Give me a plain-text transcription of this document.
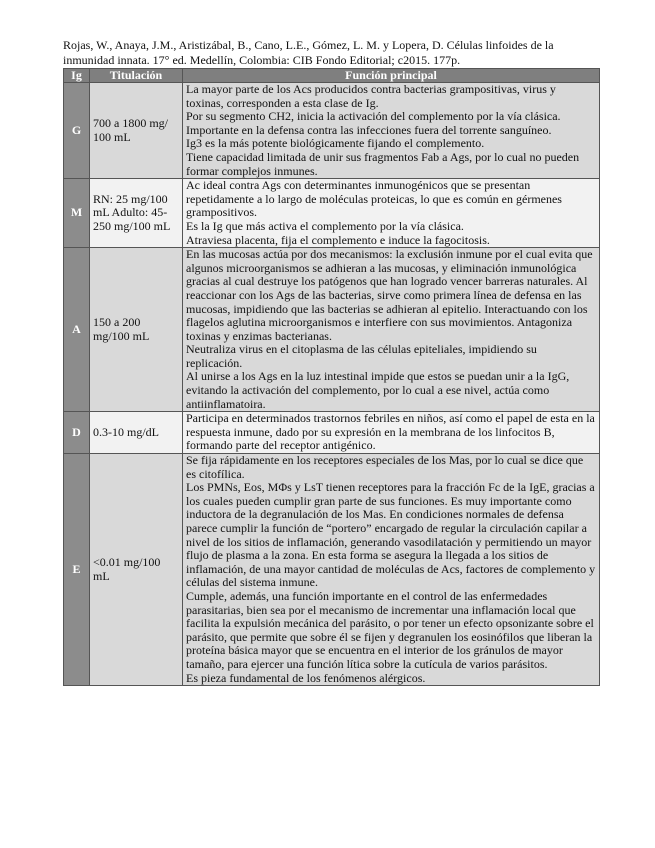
Rojas, W., Anaya, J.M., Aristizábal, B., Cano, L.E., Gómez, L. M. y Lopera, D. Células linfoides de la inmunidad innata. 17° ed. Medellín, Colombia: CIB Fondo Editorial; c2015. 177p.
Ig	Titulación	Función principal
G	700 a 1800 mg/ 100 mL	La mayor parte de los Acs producidos contra bacterias grampositivas, virus y toxinas, corresponden a esta clase de Ig.
Por su segmento CH2, inicia la activación del complemento por la vía clásica.
Importante en la defensa contra las infecciones fuera del torrente sanguíneo.
Ig3 es la más potente biológicamente fijando el complemento.
Tiene capacidad limitada de unir sus fragmentos Fab a Ags, por lo cual no pueden formar complejos inmunes.

M	RN: 25 mg/100 mL Adulto: 45-250 mg/100 mL	Ac ideal contra Ags con determinantes inmunogénicos que se presentan repetidamente a lo largo de moléculas proteicas, lo que es común en gérmenes grampositivos.
Es la Ig que más activa el complemento por la vía clásica.
Atraviesa placenta, fija el complemento e induce la fagocitosis.

A	150 a 200 mg/100 mL	En las mucosas actúa por dos mecanismos: la exclusión inmune por el cual evita que algunos microorganismos se adhieran a las mucosas, y eliminación inmunológica gracias al cual destruye los patógenos que han logrado vencer barreras naturales. Al reaccionar con los Ags de las bacterias, sirve como primera línea de defensa en las mucosas, impidiendo que las bacterias se adhieran al epitelio. Interactuando con los flagelos aglutina microorganismos e interfiere con sus movimientos. Antagoniza toxinas y enzimas bacterianas.
Neutraliza virus en el citoplasma de las células epiteliales, impidiendo su replicación.
Al unirse a los Ags en la luz intestinal impide que estos se puedan unir a la IgG, evitando la activación del complemento, por lo cual a ese nivel, actúa como antiinflamatoira.

D	0.3-10 mg/dL	Participa en determinados trastornos febriles en niños, así como el papel de esta en la respuesta inmune, dado por su expresión en la membrana de los linfocitos B, formando parte del receptor antigénico.

E	<0.01 mg/100 mL	Se fija rápidamente en los receptores especiales de los Mas, por lo cual se dice que es citofílica.
Los PMNs, Eos, MΦs y LsT tienen receptores para la fracción Fc de la IgE, gracias a los cuales pueden cumplir gran parte de sus funciones. Es muy importante como inductora de la degranulación de los Mas. En condiciones normales de defensa parece cumplir la función de “portero” encargado de regular la circulación capilar a nivel de los sitios de inflamación, generando vasodilatación y permitiendo un mayor flujo de plasma a la zona. En esta forma se asegura la llegada a los sitios de inflamación, de una mayor cantidad de moléculas de Acs, factores de complemento y células del sistema inmune.
Cumple, además, una función importante en el control de las enfermedades parasitarias, bien sea por el mecanismo de incrementar una inflamación local que facilita la expulsión mecánica del parásito, o por tener un efecto opsonizante sobre el parásito, que permite que sobre él se fijen y degranulen los eosinófilos que liberan la proteína básica mayor que se encuentra en el interior de los gránulos de mayor tamaño, para ejercer una función lítica sobre la cutícula de varios parásitos.
Es pieza fundamental de los fenómenos alérgicos.
